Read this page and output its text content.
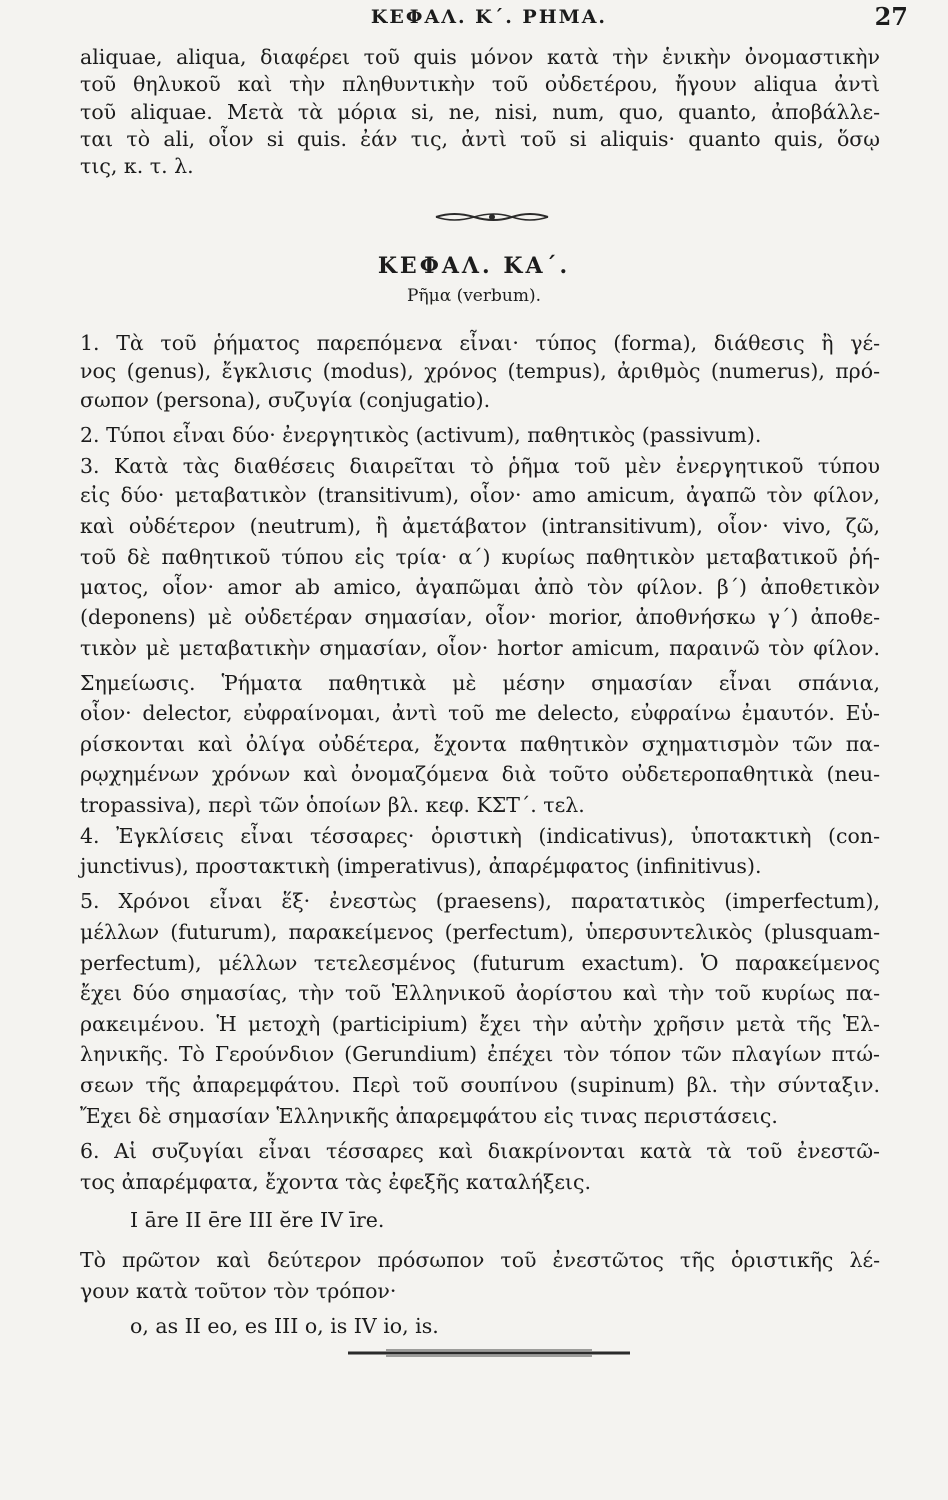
ΚΕΦΑΛ. Κ΄. ΡΗΜΑ.	27
aliquae, aliqua, διαφέρει τοῦ quis μόνον κατὰ τὴν ἑνικὴν ὀνομαστικὴν
τοῦ θηλυκοῦ καὶ τὴν πληθυντικὴν τοῦ οὐδετέρου, ἤγουν aliqua ἀντὶ
τοῦ aliquae. Μετὰ τὰ μόρια si, ne, nisi, num, quo, quanto, ἀποβάλλε-
ται τὸ ali, οἷον si quis. ἐάν τις, ἀντὶ τοῦ si aliquis· quanto quis, ὅσῳ
τις, κ. τ. λ.
ΚΕΦΑΛ. ΚΑ΄.
Ρῆμα (verbum).
1. Τὰ τοῦ ῥήματος παρεπόμενα εἶναι· τύπος (forma), διάθεσις ἢ γέ-
νος (genus), ἔγκλισις (modus), χρόνος (tempus), ἀριθμὸς (numerus), πρό-
σωπον (persona), συζυγία (conjugatio).
2. Τύποι εἶναι δύο· ἐνεργητικὸς (activum), παθητικὸς (passivum).
3. Κατὰ τὰς διαθέσεις διαιρεῖται τὸ ῥῆμα τοῦ μὲν ἐνεργητικοῦ τύπου
εἰς δύο· μεταβατικὸν (transitivum), οἷον· amo amicum, ἀγαπῶ τὸν φίλον,
καὶ οὐδέτερον (neutrum), ἢ ἀμετάβατον (intransitivum), οἷον· vivo, ζῶ,
τοῦ δὲ παθητικοῦ τύπου εἰς τρία· α΄) κυρίως παθητικὸν μεταβατικοῦ ῥή-
ματος, οἷον· amor ab amico, ἀγαπῶμαι ἀπὸ τὸν φίλον. β΄) ἀποθετικὸν
(deponens) μὲ οὐδετέραν σημασίαν, οἷον· morior, ἀποθνήσκω γ΄) ἀποθε-
τικὸν μὲ μεταβατικὴν σημασίαν, οἷον· hortor amicum, παραινῶ τὸν φίλον.
Σημείωσις. Ῥήματα παθητικὰ μὲ μέσην σημασίαν εἶναι σπάνια,
οἷον· delector, εὐφραίνομαι, ἀντὶ τοῦ me delecto, εὐφραίνω ἐμαυτόν. Εὑ-
ρίσκονται καὶ ὀλίγα οὐδέτερα, ἔχοντα παθητικὸν σχηματισμὸν τῶν πα-
ρῳχημένων χρόνων καὶ ὀνομαζόμενα διὰ τοῦτο οὐδετεροπαθητικὰ (neu-
tropassiva), περὶ τῶν ὁποίων βλ. κεφ. ΚΣΤ΄. τελ.
4. Ἐγκλίσεις εἶναι τέσσαρες· ὁριστικὴ (indicativus), ὑποτακτικὴ (con-
junctivus), προστακτικὴ (imperativus), ἀπαρέμφατος (infinitivus).
5. Χρόνοι εἶναι ἕξ· ἐνεστὼς (praesens), παρατατικὸς (imperfectum),
μέλλων (futurum), παρακείμενος (perfectum), ὑπερσυντελικὸς (plusquam-
perfectum), μέλλων τετελεσμένος (futurum exactum). Ὁ παρακείμενος
ἔχει δύο σημασίας, τὴν τοῦ Ἑλληνικοῦ ἀορίστου καὶ τὴν τοῦ κυρίως πα-
ρακειμένου. Ἡ μετοχὴ (participium) ἔχει τὴν αὐτὴν χρῆσιν μετὰ τῆς Ἑλ-
ληνικῆς. Τὸ Γερούνδιον (Gerundium) ἐπέχει τὸν τόπον τῶν πλαγίων πτώ-
σεων τῆς ἀπαρεμφάτου. Περὶ τοῦ σουπίνου (supinum) βλ. τὴν σύνταξιν.
Ἔχει δὲ σημασίαν Ἑλληνικῆς ἀπαρεμφάτου εἰς τινας περιστάσεις.
6. Αἱ συζυγίαι εἶναι τέσσαρες καὶ διακρίνονται κατὰ τὰ τοῦ ἐνεστῶ-
τος ἀπαρέμφατα, ἔχοντα τὰς ἐφεξῆς καταλήξεις.
I āre II ēre III ĕre IV īre.
Τὸ πρῶτον καὶ δεύτερον πρόσωπον τοῦ ἐνεστῶτος τῆς ὁριστικῆς λέ-
γουν κατὰ τοῦτον τὸν τρόπον·
o, as II eo, es III o, is IV io, is.
